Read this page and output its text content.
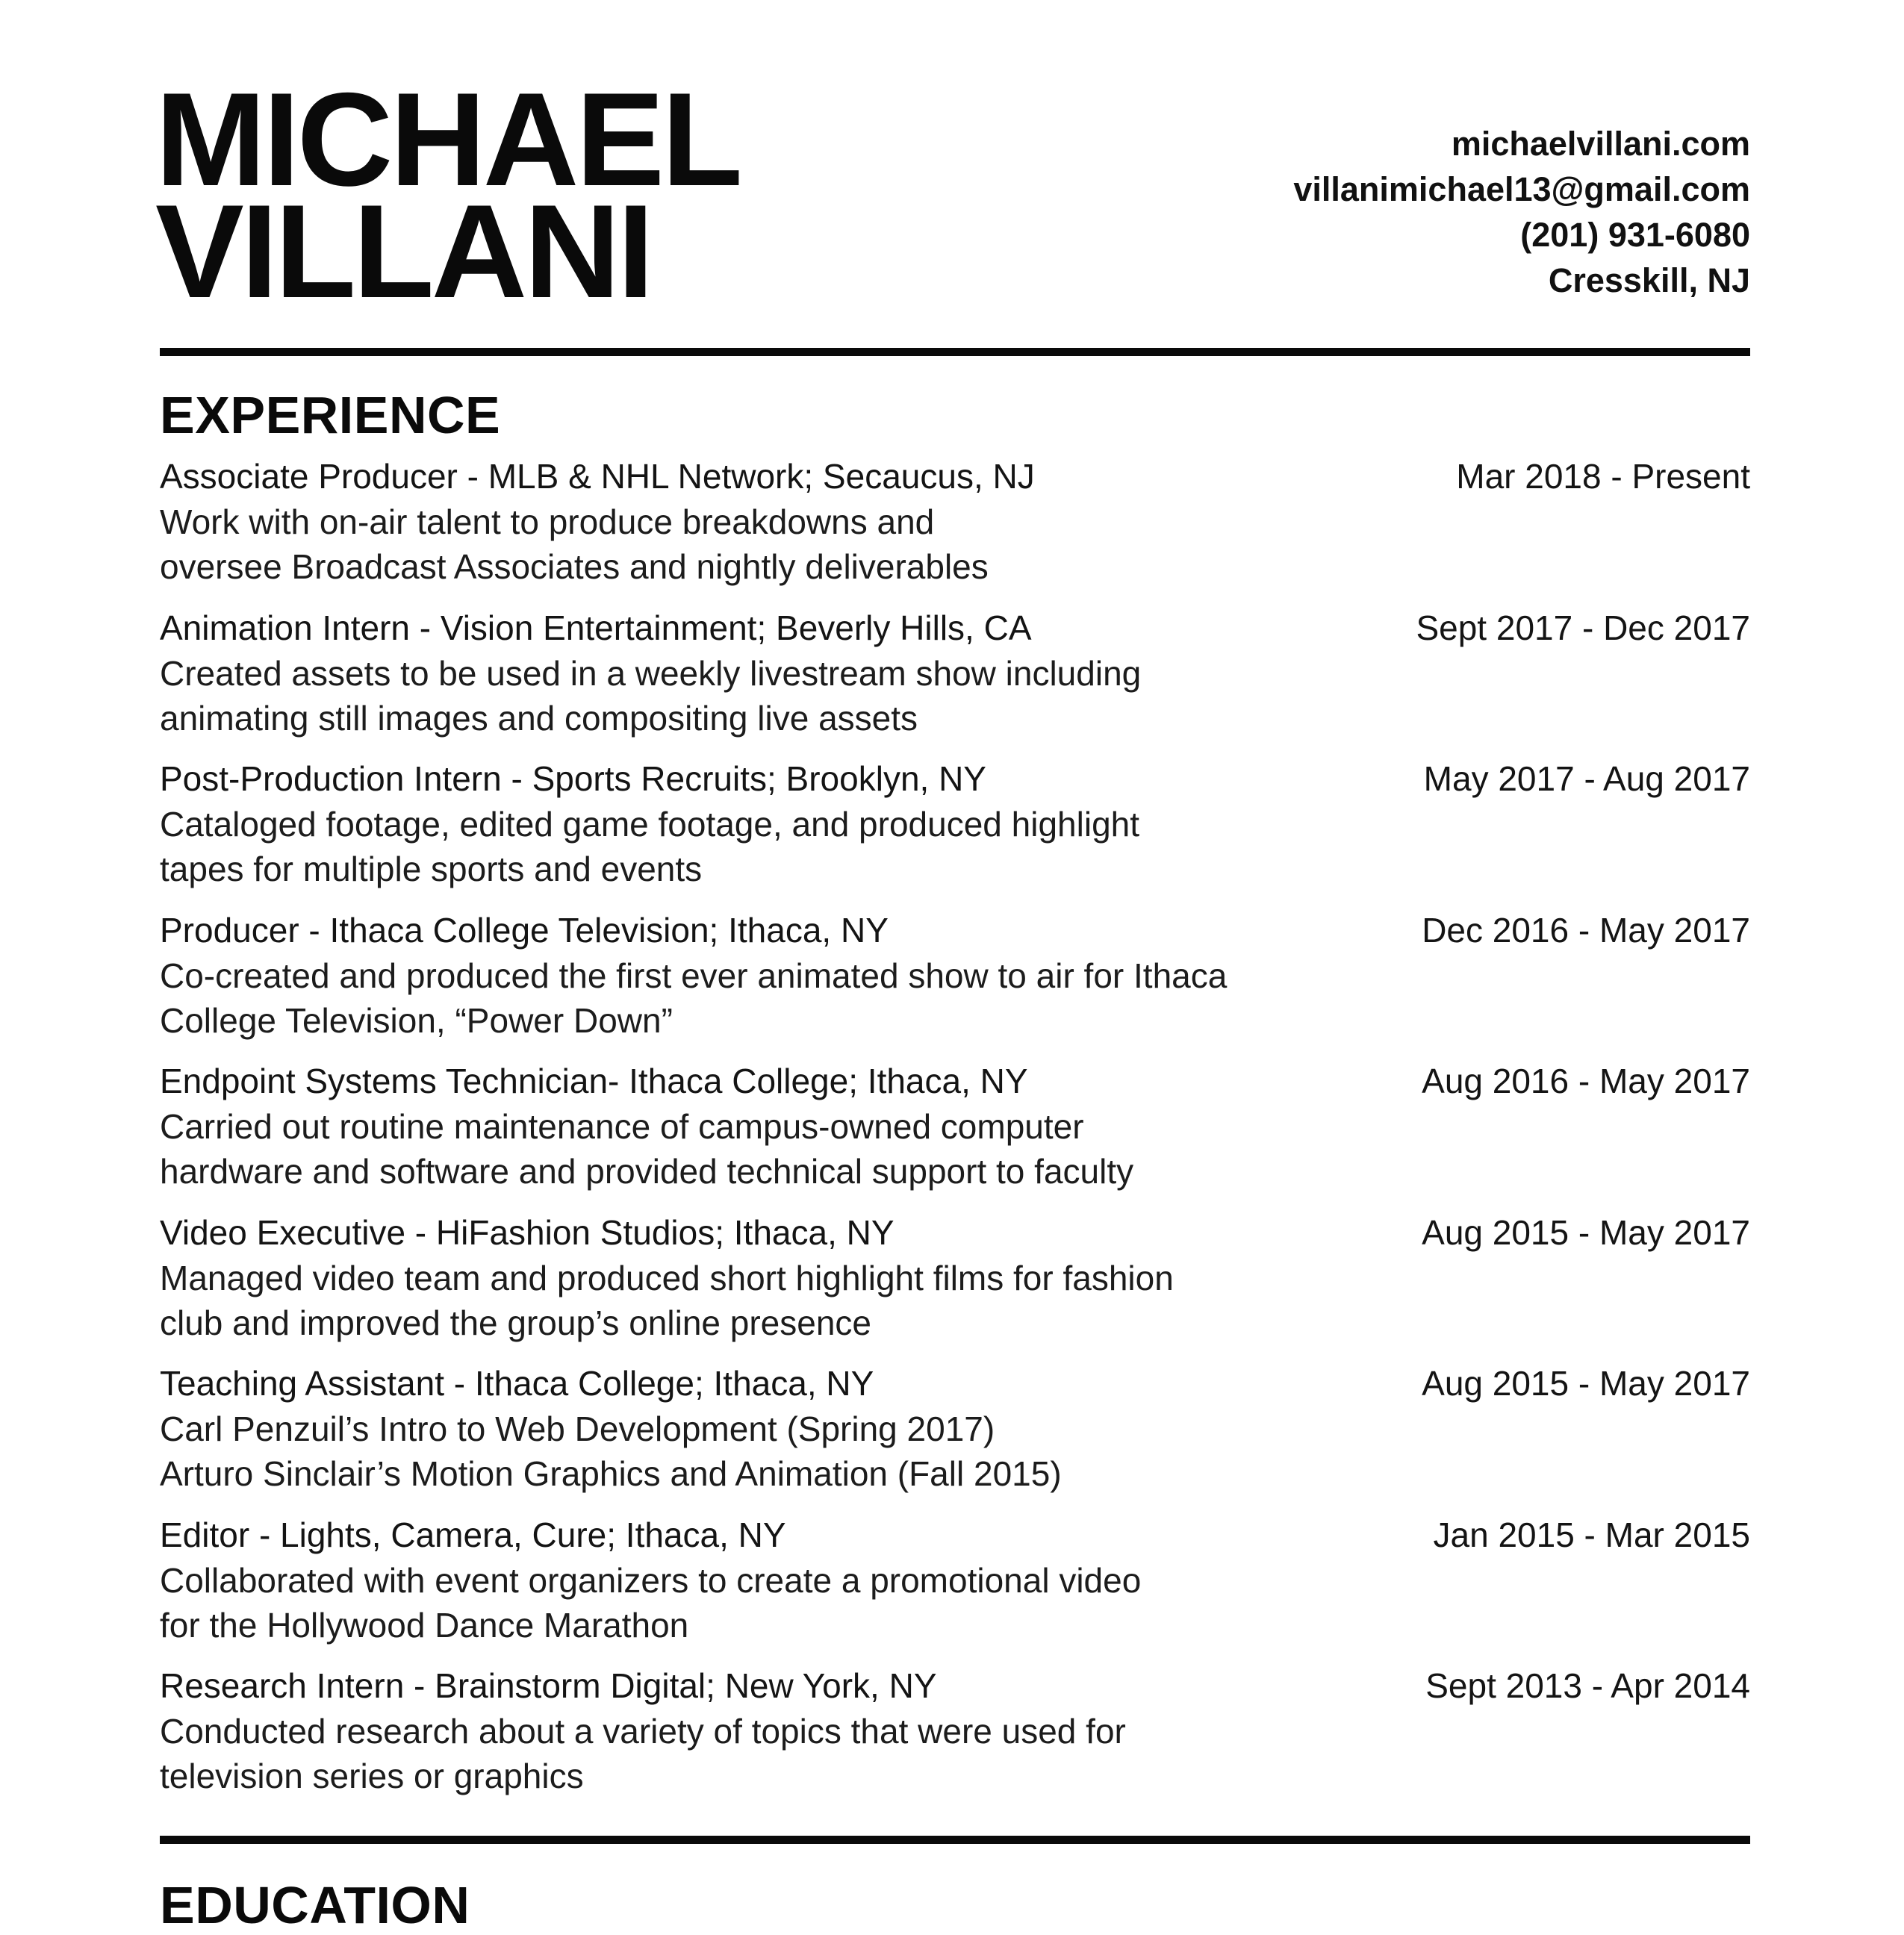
MICHAEL
VILLANI
michaelvillani.com
villanimichael13@gmail.com
(201) 931-6080
Cresskill, NJ
EXPERIENCE
Associate Producer - MLB & NHL Network; Secaucus, NJ	Mar 2018 - Present
Work with on-air talent to produce breakdowns and
oversee Broadcast Associates and nightly deliverables
Animation Intern - Vision Entertainment; Beverly Hills, CA	Sept 2017 - Dec 2017
Created assets to be used in a weekly livestream show including
animating still images and compositing live assets
Post-Production Intern - Sports Recruits; Brooklyn, NY	May 2017 - Aug 2017
Cataloged footage, edited game footage, and produced highlight
tapes for multiple sports and events
Producer - Ithaca College Television; Ithaca, NY	Dec 2016 - May 2017
Co-created and produced the first ever animated show to air for Ithaca
College Television, “Power Down”
Endpoint Systems Technician- Ithaca College; Ithaca, NY	Aug 2016 - May 2017
Carried out routine maintenance of campus-owned computer
hardware and software and provided technical support to faculty
Video Executive - HiFashion Studios; Ithaca, NY	Aug 2015 - May 2017
Managed video team and produced short highlight films for fashion
club and improved the group’s online presence
Teaching Assistant - Ithaca College; Ithaca, NY	Aug 2015 - May 2017
Carl Penzuil’s Intro to Web Development (Spring 2017)
Arturo Sinclair’s Motion Graphics and Animation (Fall 2015)
Editor - Lights, Camera, Cure; Ithaca, NY	Jan 2015 - Mar 2015
Collaborated with event organizers to create a promotional video
for the Hollywood Dance Marathon
Research Intern - Brainstorm Digital; New York, NY	Sept 2013 - Apr 2014
Conducted research about a variety of topics that were used for
television series or graphics
EDUCATION
